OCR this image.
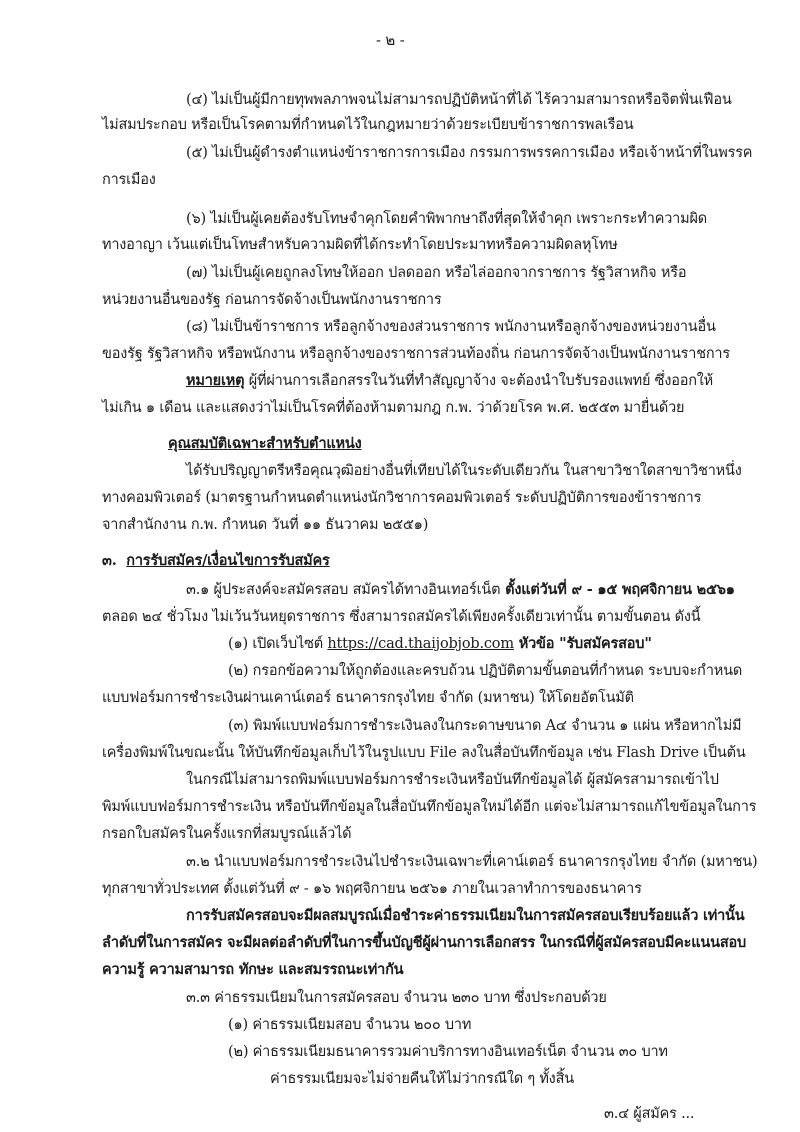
- ๒ -
(๔) ไม่เป็นผู้มีกายทุพพลภาพจนไม่สามารถปฏิบัติหน้าที่ได้ ไร้ความสามารถหรือจิตฟั่นเฟือน
ไม่สมประกอบ หรือเป็นโรคตามที่กำหนดไว้ในกฎหมายว่าด้วยระเบียบข้าราชการพลเรือน
(๕) ไม่เป็นผู้ดำรงตำแหน่งข้าราชการการเมือง กรรมการพรรคการเมือง หรือเจ้าหน้าที่ในพรรค
การเมือง
(๖) ไม่เป็นผู้เคยต้องรับโทษจำคุกโดยคำพิพากษาถึงที่สุดให้จำคุก เพราะกระทำความผิด
ทางอาญา เว้นแต่เป็นโทษสำหรับความผิดที่ได้กระทำโดยประมาทหรือความผิดลหุโทษ
(๗) ไม่เป็นผู้เคยถูกลงโทษให้ออก ปลดออก หรือไล่ออกจากราชการ รัฐวิสาหกิจ หรือ
หน่วยงานอื่นของรัฐ ก่อนการจัดจ้างเป็นพนักงานราชการ
(๘) ไม่เป็นข้าราชการ หรือลูกจ้างของส่วนราชการ พนักงานหรือลูกจ้างของหน่วยงานอื่น
ของรัฐ รัฐวิสาหกิจ หรือพนักงาน หรือลูกจ้างของราชการส่วนท้องถิ่น ก่อนการจัดจ้างเป็นพนักงานราชการ
หมายเหตุ ผู้ที่ผ่านการเลือกสรรในวันที่ทำสัญญาจ้าง จะต้องนำใบรับรองแพทย์ ซึ่งออกให้
ไม่เกิน ๑ เดือน และแสดงว่าไม่เป็นโรคที่ต้องห้ามตามกฎ ก.พ. ว่าด้วยโรค พ.ศ. ๒๕๕๓ มายื่นด้วย
คุณสมบัติเฉพาะสำหรับตำแหน่ง
ได้รับปริญญาตรีหรือคุณวุฒิอย่างอื่นที่เทียบได้ในระดับเดียวกัน ในสาขาวิชาใดสาขาวิชาหนึ่ง
ทางคอมพิวเตอร์ (มาตรฐานกำหนดตำแหน่งนักวิชาการคอมพิวเตอร์ ระดับปฏิบัติการของข้าราชการ
จากสำนักงาน ก.พ. กำหนด วันที่ ๑๑ ธันวาคม ๒๕๕๑)
๓. การรับสมัคร/เงื่อนไขการรับสมัคร
๓.๑ ผู้ประสงค์จะสมัครสอบ สมัครได้ทางอินเทอร์เน็ต ตั้งแต่วันที่ ๙ - ๑๕ พฤศจิกายน ๒๕๖๑
ตลอด ๒๔ ชั่วโมง ไม่เว้นวันหยุดราชการ ซึ่งสามารถสมัครได้เพียงครั้งเดียวเท่านั้น ตามขั้นตอน ดังนี้
(๑) เปิดเว็บไซต์ https://cad.thaijobjob.com หัวข้อ "รับสมัครสอบ"
(๒) กรอกข้อความให้ถูกต้องและครบถ้วน ปฏิบัติตามขั้นตอนที่กำหนด ระบบจะกำหนด
แบบฟอร์มการชำระเงินผ่านเคาน์เตอร์ ธนาคารกรุงไทย จำกัด (มหาชน) ให้โดยอัตโนมัติ
(๓) พิมพ์แบบฟอร์มการชำระเงินลงในกระดาษขนาด A๔ จำนวน ๑ แผ่น หรือหากไม่มี
เครื่องพิมพ์ในขณะนั้น ให้บันทึกข้อมูลเก็บไว้ในรูปแบบ File ลงในสื่อบันทึกข้อมูล เช่น Flash Drive เป็นต้น
ในกรณีไม่สามารถพิมพ์แบบฟอร์มการชำระเงินหรือบันทึกข้อมูลได้ ผู้สมัครสามารถเข้าไป
พิมพ์แบบฟอร์มการชำระเงิน หรือบันทึกข้อมูลในสื่อบันทึกข้อมูลใหม่ได้อีก แต่จะไม่สามารถแก้ไขข้อมูลในการ
กรอกใบสมัครในครั้งแรกที่สมบูรณ์แล้วได้
๓.๒ นำแบบฟอร์มการชำระเงินไปชำระเงินเฉพาะที่เคาน์เตอร์ ธนาคารกรุงไทย จำกัด (มหาชน)
ทุกสาขาทั่วประเทศ ตั้งแต่วันที่ ๙ - ๑๖ พฤศจิกายน ๒๕๖๑ ภายในเวลาทำการของธนาคาร
การรับสมัครสอบจะมีผลสมบูรณ์เมื่อชำระค่าธรรมเนียมในการสมัครสอบเรียบร้อยแล้ว เท่านั้น
ลำดับที่ในการสมัคร จะมีผลต่อลำดับที่ในการขึ้นบัญชีผู้ผ่านการเลือกสรร ในกรณีที่ผู้สมัครสอบมีคะแนนสอบ
ความรู้ ความสามารถ ทักษะ และสมรรถนะเท่ากัน
๓.๓ ค่าธรรมเนียมในการสมัครสอบ จำนวน ๒๓๐ บาท ซึ่งประกอบด้วย
(๑) ค่าธรรมเนียมสอบ จำนวน ๒๐๐ บาท
(๒) ค่าธรรมเนียมธนาคารรวมค่าบริการทางอินเทอร์เน็ต จำนวน ๓๐ บาท
ค่าธรรมเนียมจะไม่จ่ายคืนให้ไม่ว่ากรณีใด ๆ ทั้งสิ้น
๓.๔ ผู้สมัคร ...
